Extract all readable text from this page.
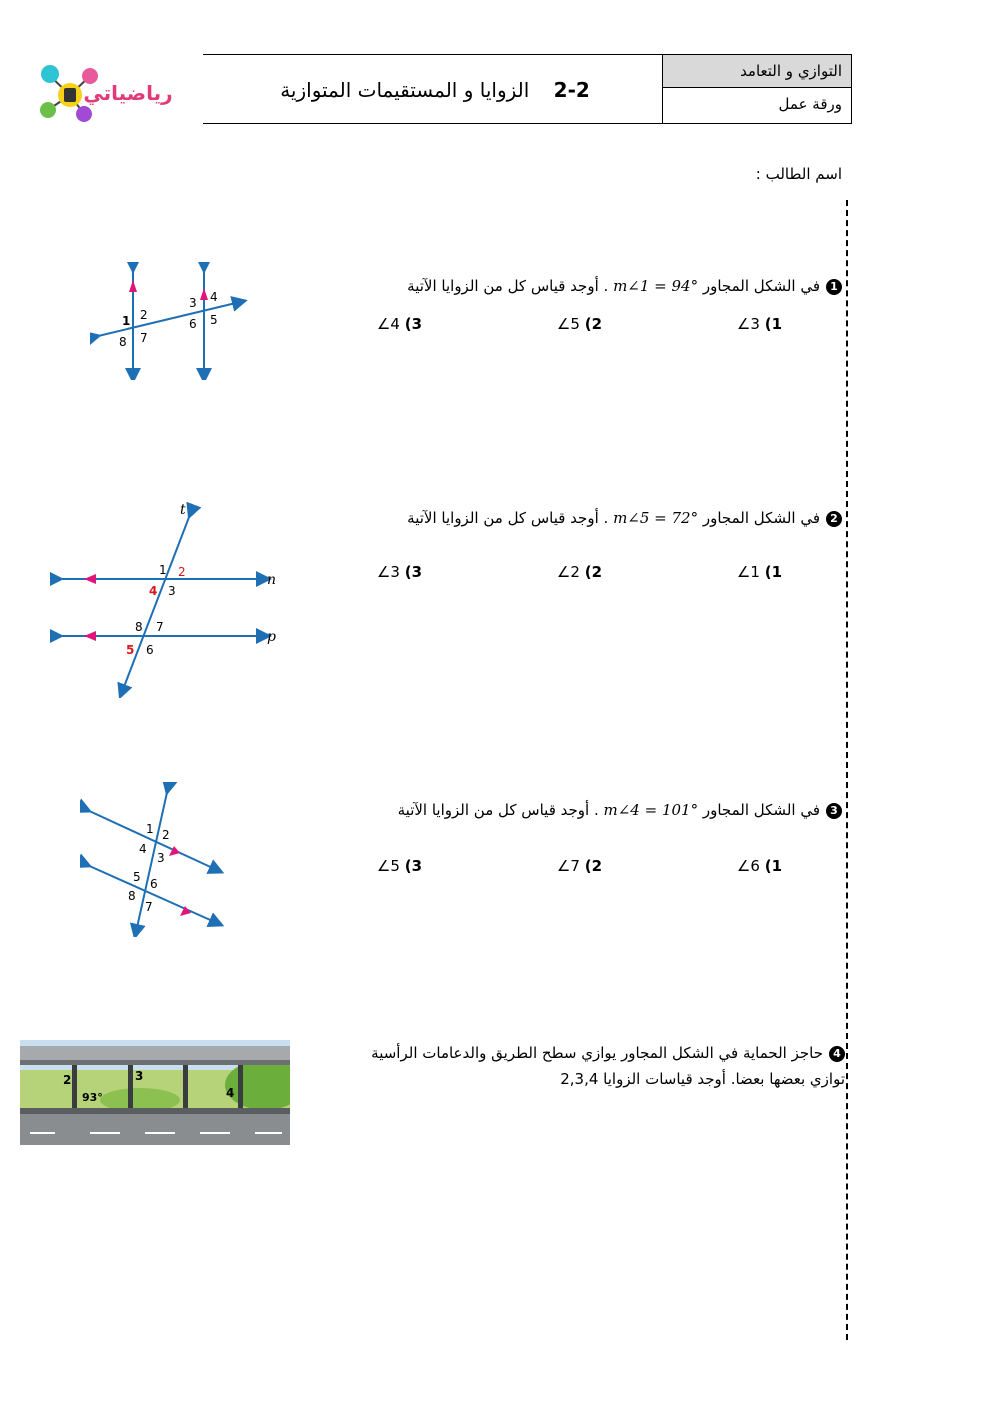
رياضياتي
التوازي و التعامد
ورقة عمل
2-2 الزوايا و المستقيمات المتوازية
اسم الطالب :
1في الشكل المجاور m∠1 = 94° . أوجد قياس كل من الزوايا الآتية
1) ∠3
2) ∠5
3) ∠4
1 2
8 7
3 4
6 5
2في الشكل المجاور m∠5 = 72° . أوجد قياس كل من الزوايا الآتية
1) ∠1
2) ∠2
3) ∠3
t
n
p
1 2
4 3
8 7
5 6
3في الشكل المجاور m∠4 = 101° . أوجد قياس كل من الزوايا الآتية
1) ∠6
2) ∠7
3) ∠5
1 2
4
3
5 6
8
7
4حاجز الحماية في الشكل المجاور يوازي سطح الطريق والدعامات الرأسية
توازي بعضها بعضا. أوجد قياسات الزوايا 2,3,4
2	3
4
93°
